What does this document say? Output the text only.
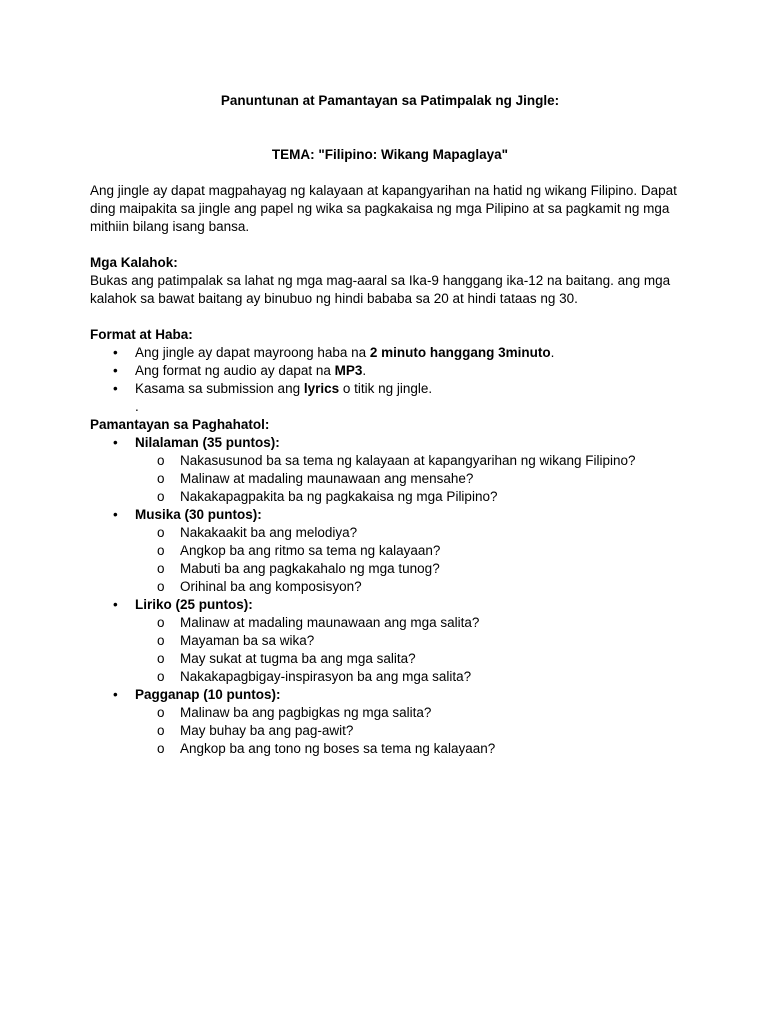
Panuntunan at Pamantayan sa Patimpalak ng Jingle:
TEMA: "Filipino: Wikang Mapaglaya"
Ang jingle ay dapat magpahayag ng kalayaan at kapangyarihan na hatid ng wikang Filipino. Dapat ding maipakita sa jingle ang papel ng wika sa pagkakaisa ng mga Pilipino at sa pagkamit ng mga mithiin bilang isang bansa.
Mga Kalahok:
Bukas ang patimpalak sa lahat ng mga mag-aaral sa Ika-9 hanggang ika-12 na baitang. ang mga kalahok sa bawat baitang ay binubuo ng hindi bababa sa 20 at hindi tataas ng 30.
Format at Haba:
• Ang jingle ay dapat mayroong haba na 2 minuto hanggang 3minuto.
• Ang format ng audio ay dapat na MP3.
• Kasama sa submission ang lyrics o titik ng jingle.
.
Pamantayan sa Paghahatol:
• Nilalaman (35 puntos):
o Nakasusunod ba sa tema ng kalayaan at kapangyarihan ng wikang Filipino?
o Malinaw at madaling maunawaan ang mensahe?
o Nakakapagpakita ba ng pagkakaisa ng mga Pilipino?
• Musika (30 puntos):
o Nakakaakit ba ang melodiya?
o Angkop ba ang ritmo sa tema ng kalayaan?
o Mabuti ba ang pagkakahalo ng mga tunog?
o Orihinal ba ang komposisyon?
• Liriko (25 puntos):
o Malinaw at madaling maunawaan ang mga salita?
o Mayaman ba sa wika?
o May sukat at tugma ba ang mga salita?
o Nakakapagbigay-inspirasyon ba ang mga salita?
• Pagganap (10 puntos):
o Malinaw ba ang pagbigkas ng mga salita?
o May buhay ba ang pag-awit?
o Angkop ba ang tono ng boses sa tema ng kalayaan?
